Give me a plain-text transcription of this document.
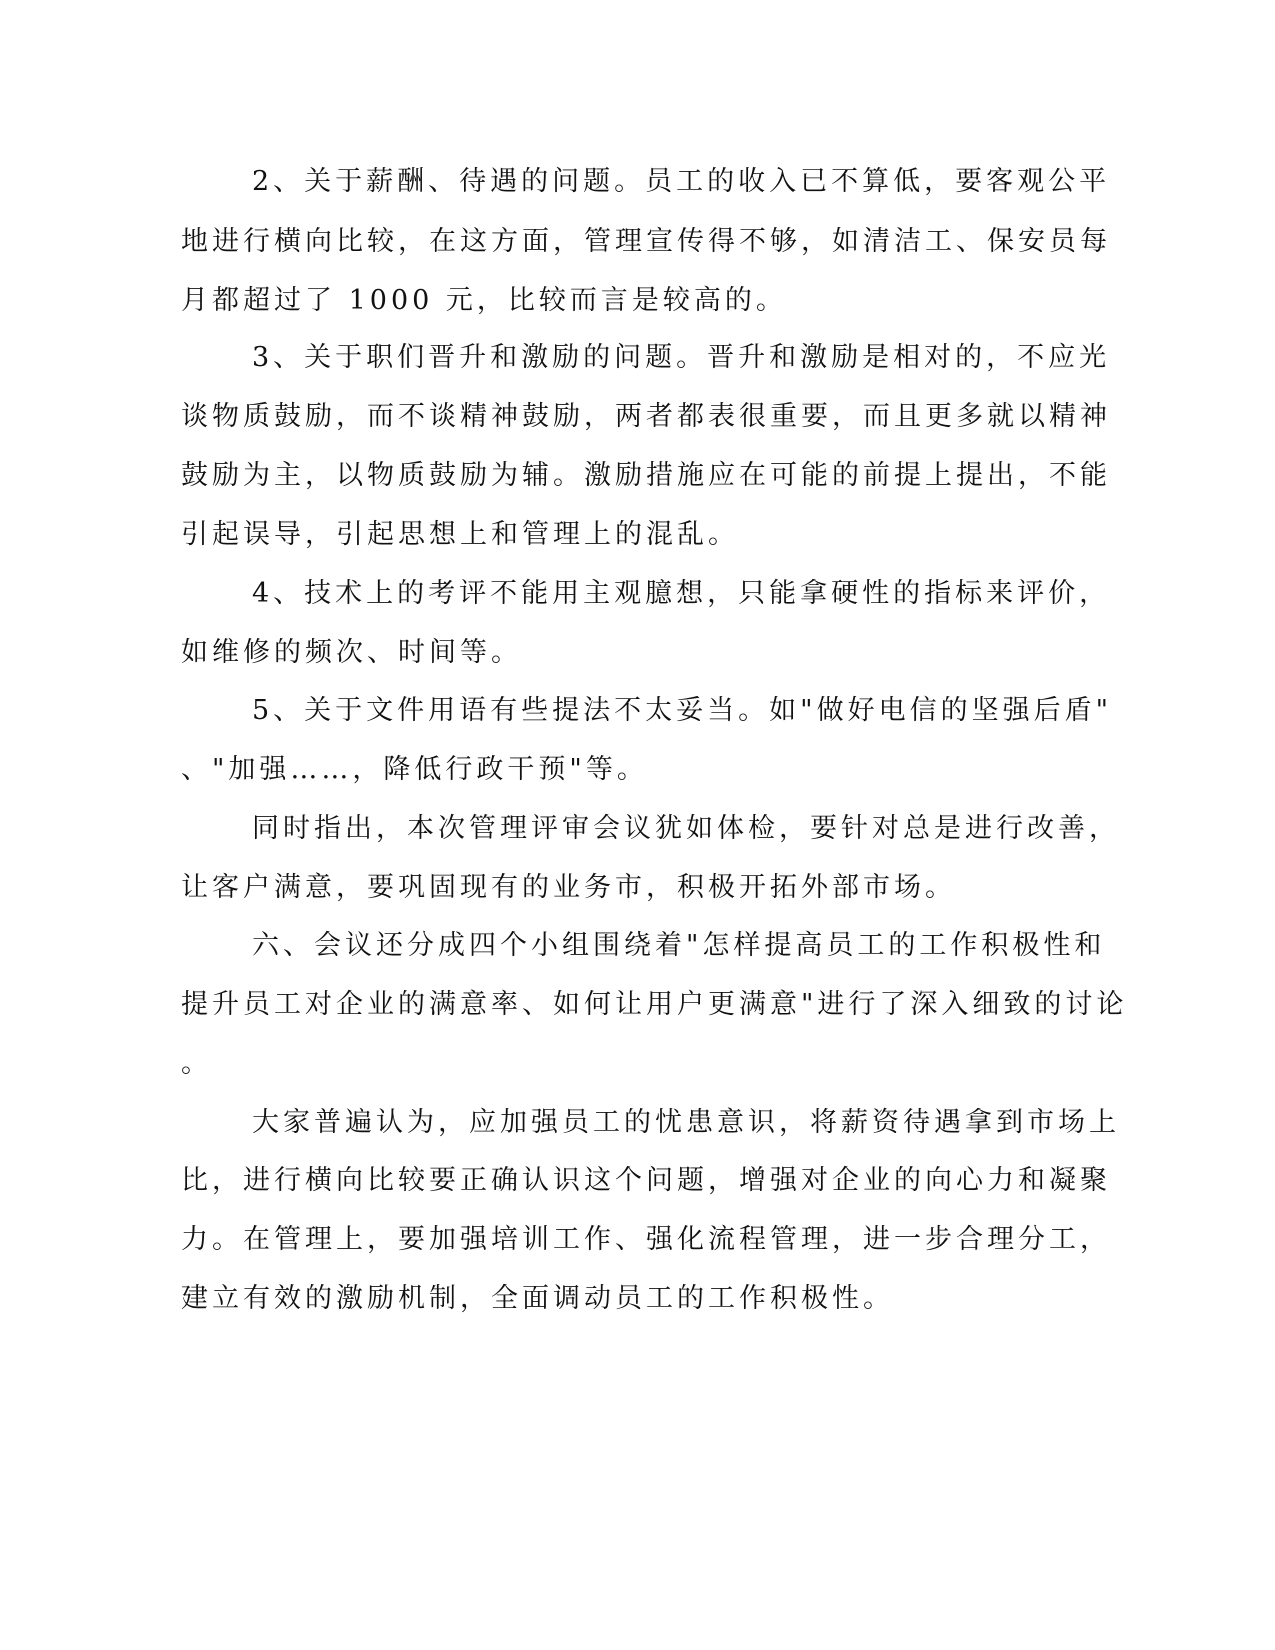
2、关于薪酬、待遇的问题。员工的收入已不算低，要客观公平
地进行横向比较，在这方面，管理宣传得不够，如清洁工、保安员每
月都超过了 1000 元，比较而言是较高的。
3、关于职们晋升和激励的问题。晋升和激励是相对的，不应光
谈物质鼓励，而不谈精神鼓励，两者都表很重要，而且更多就以精神
鼓励为主，以物质鼓励为辅。激励措施应在可能的前提上提出，不能
引起误导，引起思想上和管理上的混乱。
4、技术上的考评不能用主观臆想，只能拿硬性的指标来评价，
如维修的频次、时间等。
5、关于文件用语有些提法不太妥当。如"做好电信的坚强后盾"
、"加强……，降低行政干预"等。
同时指出，本次管理评审会议犹如体检，要针对总是进行改善，
让客户满意，要巩固现有的业务市，积极开拓外部市场。
六、会议还分成四个小组围绕着"怎样提高员工的工作积极性和
提升员工对企业的满意率、如何让用户更满意"进行了深入细致的讨论
。
大家普遍认为，应加强员工的忧患意识，将薪资待遇拿到市场上
比，进行横向比较要正确认识这个问题，增强对企业的向心力和凝聚
力。在管理上，要加强培训工作、强化流程管理，进一步合理分工，
建立有效的激励机制，全面调动员工的工作积极性。
